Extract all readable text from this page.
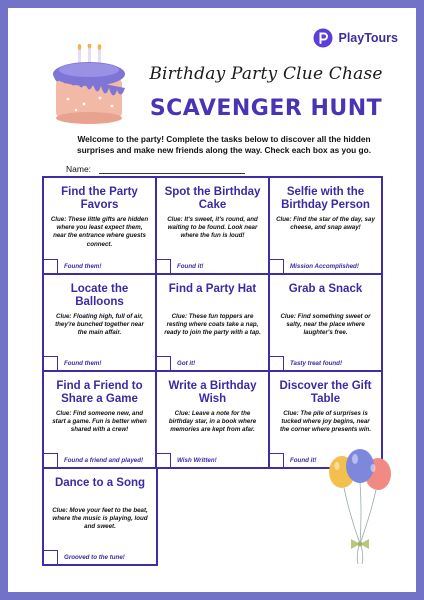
PlayTours
Birthday Party Clue Chase
SCAVENGER HUNT
Welcome to the party! Complete the tasks below to discover all the hidden surprises and make new friends along the way. Check each box as you go.
Name:
Find the Party Favors
Clue: These little gifts are hidden where you least expect them, near the entrance where guests connect.
Found them!
Spot the Birthday Cake
Clue: It's sweet, it's round, and waiting to be found. Look near where the fun is loud!
Found it!
Selfie with the Birthday Person
Clue: Find the star of the day, say cheese, and snap away!
Mission Accomplished!
Locate the Balloons
Clue: Floating high, full of air, they're bunched together near the main affair.
Found them!
Find a Party Hat
Clue: These fun toppers are resting where coats take a nap, ready to join the party with a tap.
Got it!
Grab a Snack
Clue: Find something sweet or salty, near the place where laughter's free.
Tasty treat found!
Find a Friend to Share a Game
Clue: Find someone new, and start a game. Fun is better when shared with a crew!
Found a friend and played!
Write a Birthday Wish
Clue: Leave a note for the birthday star, in a book where memories are kept from afar.
Wish Written!
Discover the Gift Table
Clue: The pile of surprises is tucked where joy begins, near the corner where presents win.
Found it!
Dance to a Song
Clue: Move your feet to the beat, where the music is playing, loud and sweet.
Grooved to the tune!
